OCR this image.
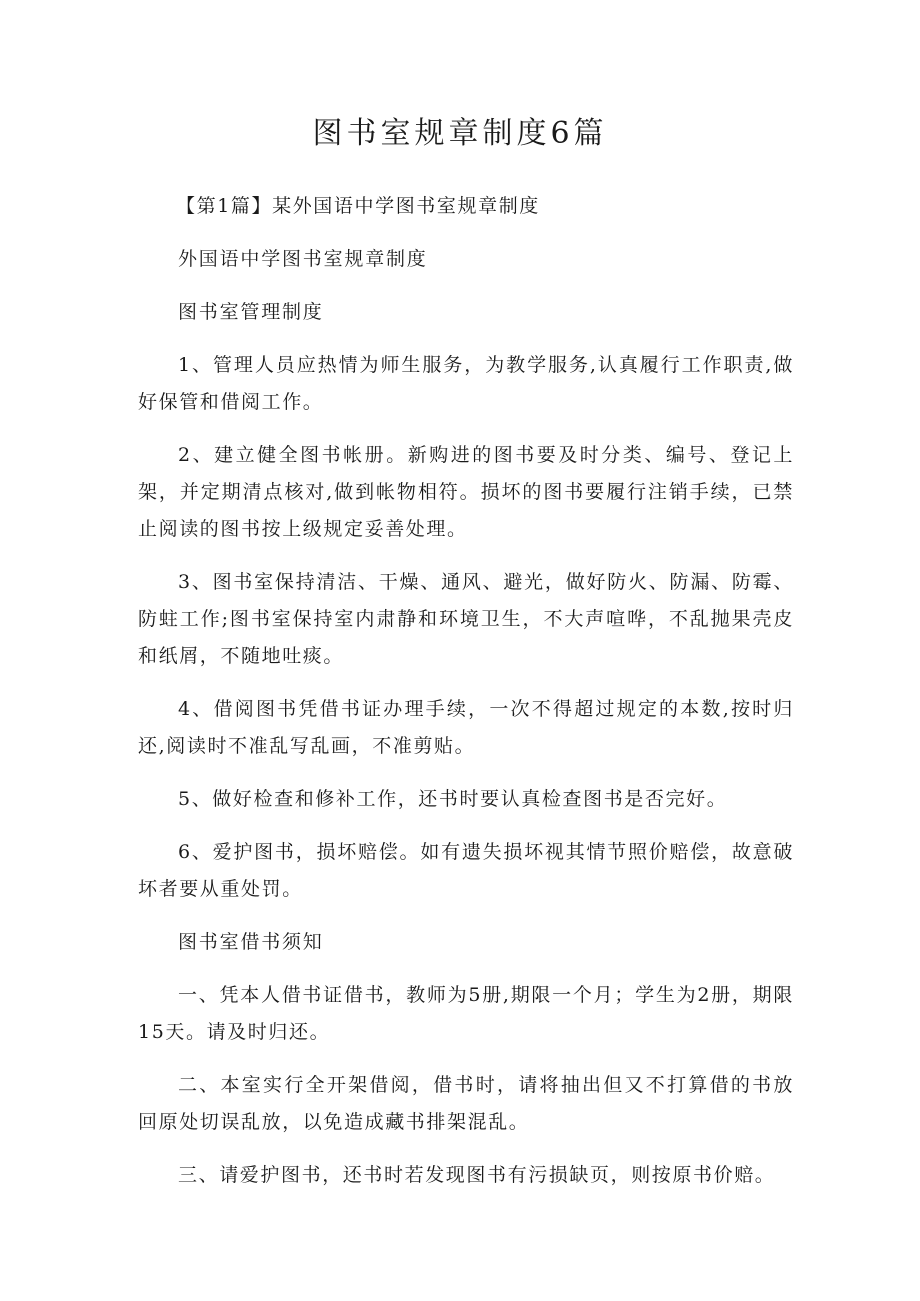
图书室规章制度6篇

【第1篇】某外国语中学图书室规章制度

外国语中学图书室规章制度

图书室管理制度

1、管理人员应热情为师生服务，为教学服务,认真履行工作职责,做好保管和借阅工作。

2、建立健全图书帐册。新购进的图书要及时分类、编号、登记上架，并定期清点核对,做到帐物相符。损坏的图书要履行注销手续，已禁止阅读的图书按上级规定妥善处理。

3、图书室保持清洁、干燥、通风、避光，做好防火、防漏、防霉、防蛀工作;图书室保持室内肃静和环境卫生，不大声喧哗，不乱抛果壳皮和纸屑，不随地吐痰。

4、借阅图书凭借书证办理手续，一次不得超过规定的本数,按时归还,阅读时不准乱写乱画，不准剪贴。

5、做好检查和修补工作，还书时要认真检查图书是否完好。

6、爱护图书，损坏赔偿。如有遗失损坏视其情节照价赔偿，故意破坏者要从重处罚。

图书室借书须知

一、凭本人借书证借书，教师为5册,期限一个月；学生为2册，期限15天。请及时归还。

二、本室实行全开架借阅，借书时，请将抽出但又不打算借的书放回原处切误乱放，以免造成藏书排架混乱。

三、请爱护图书，还书时若发现图书有污损缺页，则按原书价赔。
